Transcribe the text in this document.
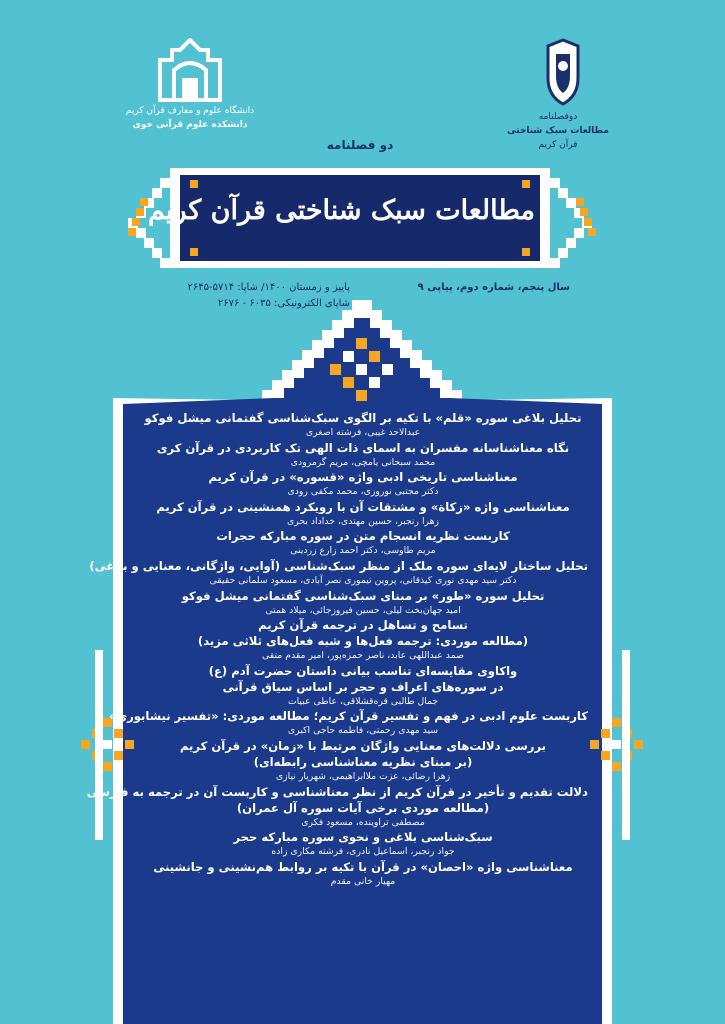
دوفصلنامه
مطالعات سبک شناختی
قرآن کریم
دانشگاه علوم و معارف قرآن کریم
دانشکده علوم قرآنی خوی
دو فصلنامه
مطالعات سبک شناختی قرآن کریم
سال پنجم، شماره دوم، پیاپی ۹
پاییز و زمستان ۱۴۰۰/ شاپا: ۵۷۱۴-۲۶۴۵
شاپای الکترونیکی: ۶۰۳۵ - ۲۶۷۶
تحلیل بلاغی سوره «قلم» با تکیه بر الگوی سبک‌شناسی گفتمانی میشل فوکو
عبدالاحد غیبی، فرشته اصغری
نگاه معناشناسانه مفسران به اسمای ذات الهی تک کاربردی در قرآن کری
محمد سبحانی یامچی، مریم گرمرودی
معناشناسی تاریخی ادبی واژه «قسوره» در قرآن کریم
دکتر مجتبی نوروزی، محمد مکفی رودی
معناشناسی واژه «زکاة» و مشتقات آن با رویکرد همنشینی در قرآن کریم
زهرا رنجبر، حسین مهتدی، خداداد بحری
کاربست نظریه انسجام متن در سوره مبارکه حجرات
مریم طاوسی، دکتر احمد زارع زردینی
تحلیل ساختار لایه‌ای سوره ملک از منظر سبک‌شناسی (آوایی، واژگانی، معنایی و بلاغی)
دکتر سید مهدی نوری کیذقانی، پروین تیموری نصر آبادی، مسعود سلمانی حقیقی
تحلیل سوره «طور» بر مبنای سبک‌شناسی گفتمانی میشل فوکو
امید جهان‌بخت لیلی، حسین فیروزجائی، میلاد همتی
تسامح و تساهل در ترجمه قرآن کریم
(مطالعه موردی: ترجمه فعل‌ها و شبه فعل‌های ثلاثی مزید)
صمد عبداللهی عابد، ناصر حمزه‌پور، امیر مقدم متقی
واکاوی مقایسه‌ای تناسب بیانی داستان حضرت آدم (ع)
در سوره‌های اعراف و حجر بر اساس سیاق قرآنی
جمال طالبی قره‌قشلاقی، عاطی عبیات
کاربست علوم ادبی در فهم و تفسیر قرآن کریم؛ مطالعه موردی: «تفسیر نیشابوری»
سید مهدی رحمتی، فاطمه حاجی اکبری
بررسی دلالت‌های معنایی واژگان مرتبط با «زمان» در قرآن کریم
(بر مبنای نظریه معناشناسی رابطه‌ای)
زهرا رضائی، عزت ملاابراهیمی، شهریار نیازی
دلالت تقدیم و تأخیر در قرآن کریم از نظر معناشناسی و کاربست آن در ترجمه به فارسی
(مطالعه موردی برخی آیات سوره آل عمران)
مصطفی تراوینده، مسعود فکری
سبک‌شناسی بلاغی و نحوی سوره مبارکه حجر
جواد رنجبر، اسماعیل نادری، فرشته مکاری زاده
معناشناسی واژه «احصان» در قرآن با تکیه بر روابط هم‌نشینی و جانشینی
مهیار خانی مقدم
